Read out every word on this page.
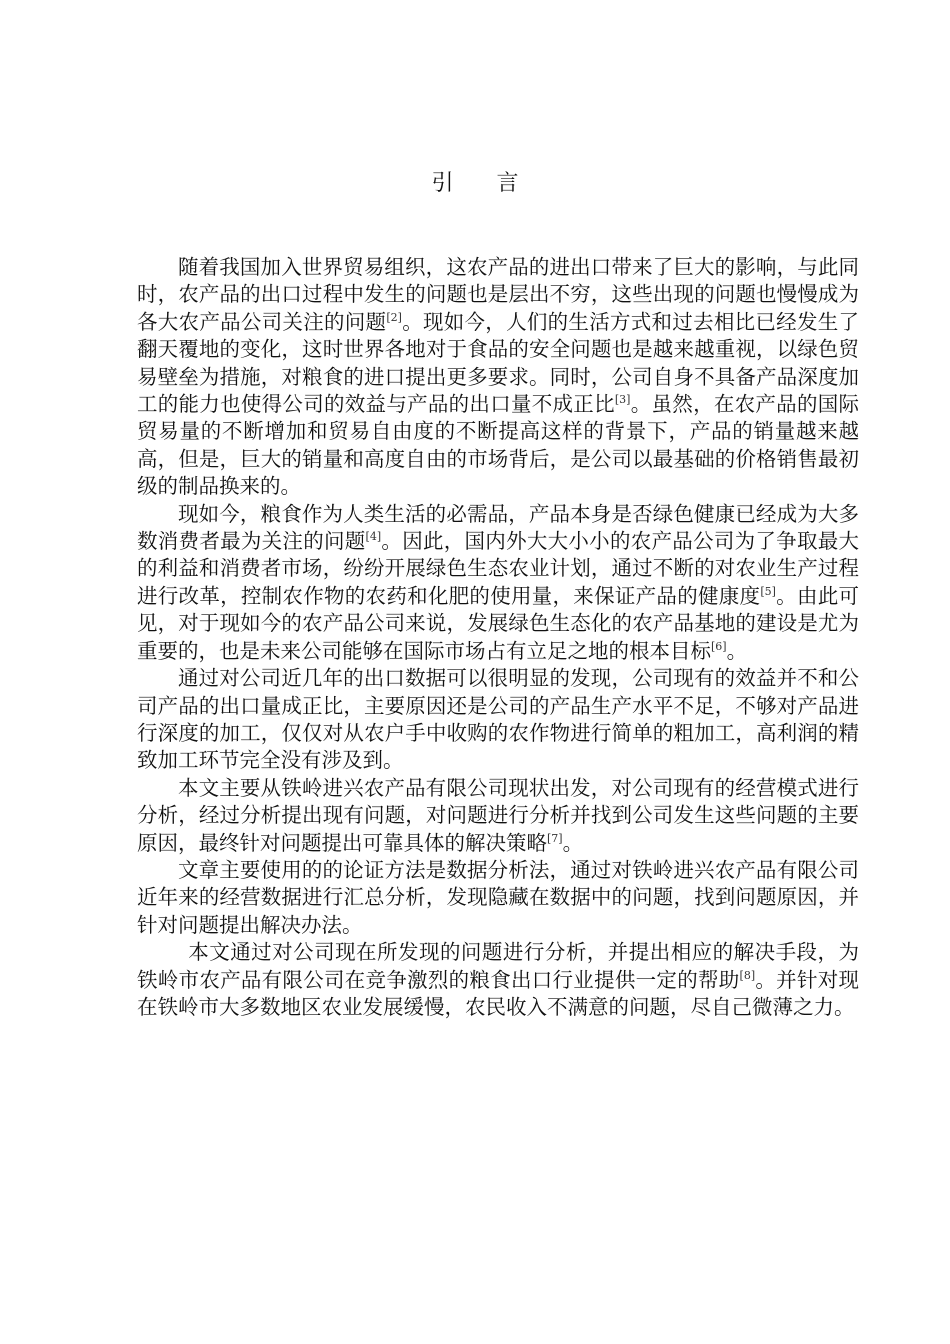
引 言

随着我国加入世界贸易组织，这农产品的进出口带来了巨大的影响，与此同时，农产品的出口过程中发生的问题也是层出不穷，这些出现的问题也慢慢成为各大农产品公司关注的问题[2]。现如今，人们的生活方式和过去相比已经发生了翻天覆地的变化，这时世界各地对于食品的安全问题也是越来越重视，以绿色贸易壁垒为措施，对粮食的进口提出更多要求。同时，公司自身不具备产品深度加工的能力也使得公司的效益与产品的出口量不成正比[3]。虽然，在农产品的国际贸易量的不断增加和贸易自由度的不断提高这样的背景下，产品的销量越来越高，但是，巨大的销量和高度自由的市场背后，是公司以最基础的价格销售最初级的制品换来的。

现如今，粮食作为人类生活的必需品，产品本身是否绿色健康已经成为大多数消费者最为关注的问题[4]。因此，国内外大大小小的农产品公司为了争取最大的利益和消费者市场，纷纷开展绿色生态农业计划，通过不断的对农业生产过程进行改革，控制农作物的农药和化肥的使用量，来保证产品的健康度[5]。由此可见，对于现如今的农产品公司来说，发展绿色生态化的农产品基地的建设是尤为重要的，也是未来公司能够在国际市场占有立足之地的根本目标[6]。

通过对公司近几年的出口数据可以很明显的发现，公司现有的效益并不和公司产品的出口量成正比，主要原因还是公司的产品生产水平不足，不够对产品进行深度的加工，仅仅对从农户手中收购的农作物进行简单的粗加工，高利润的精致加工环节完全没有涉及到。

本文主要从铁岭进兴农产品有限公司现状出发，对公司现有的经营模式进行分析，经过分析提出现有问题，对问题进行分析并找到公司发生这些问题的主要原因，最终针对问题提出可靠具体的解决策略[7]。

文章主要使用的的论证方法是数据分析法，通过对铁岭进兴农产品有限公司近年来的经营数据进行汇总分析，发现隐藏在数据中的问题，找到问题原因，并针对问题提出解决办法。

本文通过对公司现在所发现的问题进行分析，并提出相应的解决手段，为铁岭市农产品有限公司在竞争激烈的粮食出口行业提供一定的帮助[8]。并针对现在铁岭市大多数地区农业发展缓慢，农民收入不满意的问题，尽自己微薄之力。
